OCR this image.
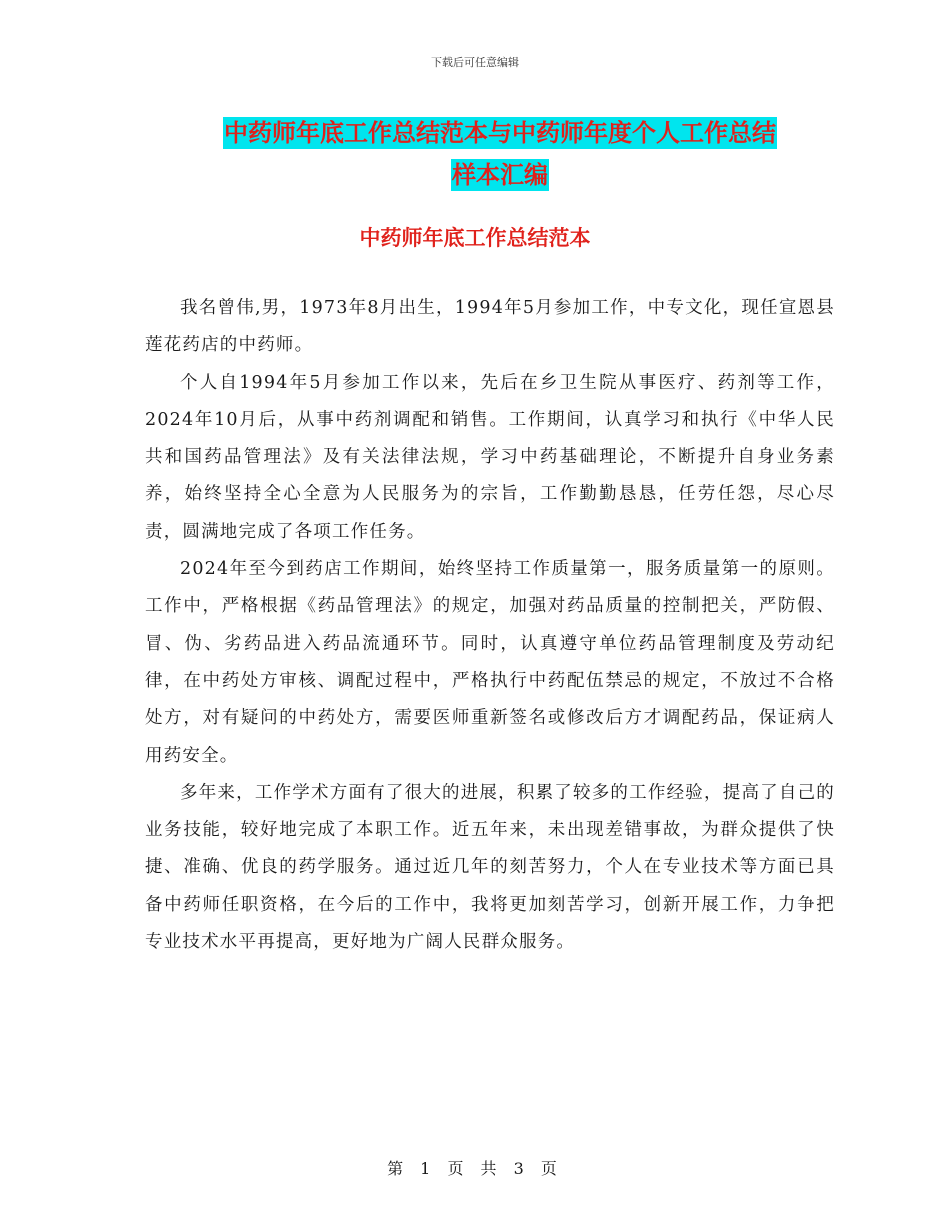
下载后可任意编辑
中药师年底工作总结范本与中药师年度个人工作总结
样本汇编
中药师年底工作总结范本

我名曾伟,男，1973年8月出生，1994年5月参加工作，中专文化，现任宣恩县莲花药店的中药师。

个人自1994年5月参加工作以来，先后在乡卫生院从事医疗、药剂等工作，2024年10月后，从事中药剂调配和销售。工作期间，认真学习和执行《中华人民共和国药品管理法》及有关法律法规，学习中药基础理论，不断提升自身业务素养，始终坚持全心全意为人民服务为的宗旨，工作勤勤恳恳，任劳任怨，尽心尽责，圆满地完成了各项工作任务。

2024年至今到药店工作期间，始终坚持工作质量第一，服务质量第一的原则。工作中，严格根据《药品管理法》的规定，加强对药品质量的控制把关，严防假、冒、伪、劣药品进入药品流通环节。同时，认真遵守单位药品管理制度及劳动纪律，在中药处方审核、调配过程中，严格执行中药配伍禁忌的规定，不放过不合格处方，对有疑问的中药处方，需要医师重新签名或修改后方才调配药品，保证病人用药安全。

多年来，工作学术方面有了很大的进展，积累了较多的工作经验，提高了自己的业务技能，较好地完成了本职工作。近五年来，未出现差错事故，为群众提供了快捷、准确、优良的药学服务。通过近几年的刻苦努力，个人在专业技术等方面已具备中药师任职资格，在今后的工作中，我将更加刻苦学习，创新开展工作，力争把专业技术水平再提高，更好地为广阔人民群众服务。

第 1 页 共 3 页
